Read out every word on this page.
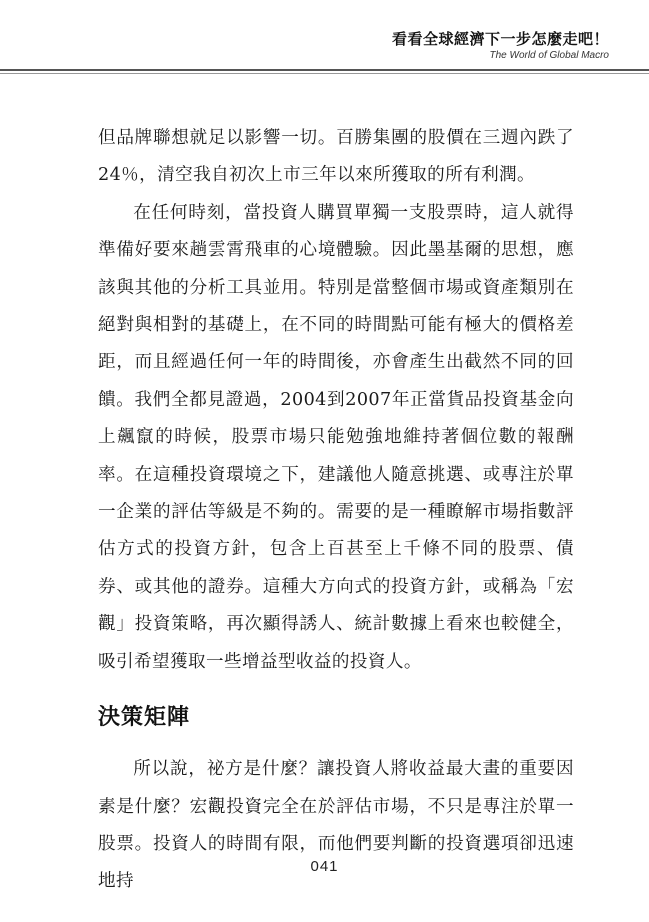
看看全球經濟下一步怎麼走吧！
The World of Global Macro

但品牌聯想就足以影響一切。百勝集團的股價在三週內跌了24％，清空我自初次上市三年以來所獲取的所有利潤。

在任何時刻，當投資人購買單獨一支股票時，這人就得準備好要來趟雲霄飛車的心境體驗。因此墨基爾的思想，應該與其他的分析工具並用。特別是當整個市場或資產類別在絕對與相對的基礎上，在不同的時間點可能有極大的價格差距，而且經過任何一年的時間後，亦會產生出截然不同的回饋。我們全都見證過，2004到2007年正當貨品投資基金向上飆竄的時候，股票市場只能勉強地維持著個位數的報酬率。在這種投資環境之下，建議他人隨意挑選、或專注於單一企業的評估等級是不夠的。需要的是一種瞭解市場指數評估方式的投資方針，包含上百甚至上千條不同的股票、債券、或其他的證券。這種大方向式的投資方針，或稱為「宏觀」投資策略，再次顯得誘人、統計數據上看來也較健全，吸引希望獲取一些增益型收益的投資人。

決策矩陣

所以說，祕方是什麼？讓投資人將收益最大畫的重要因素是什麼？宏觀投資完全在於評估市場，不只是專注於單一股票。投資人的時間有限，而他們要判斷的投資選項卻迅速地持

041
